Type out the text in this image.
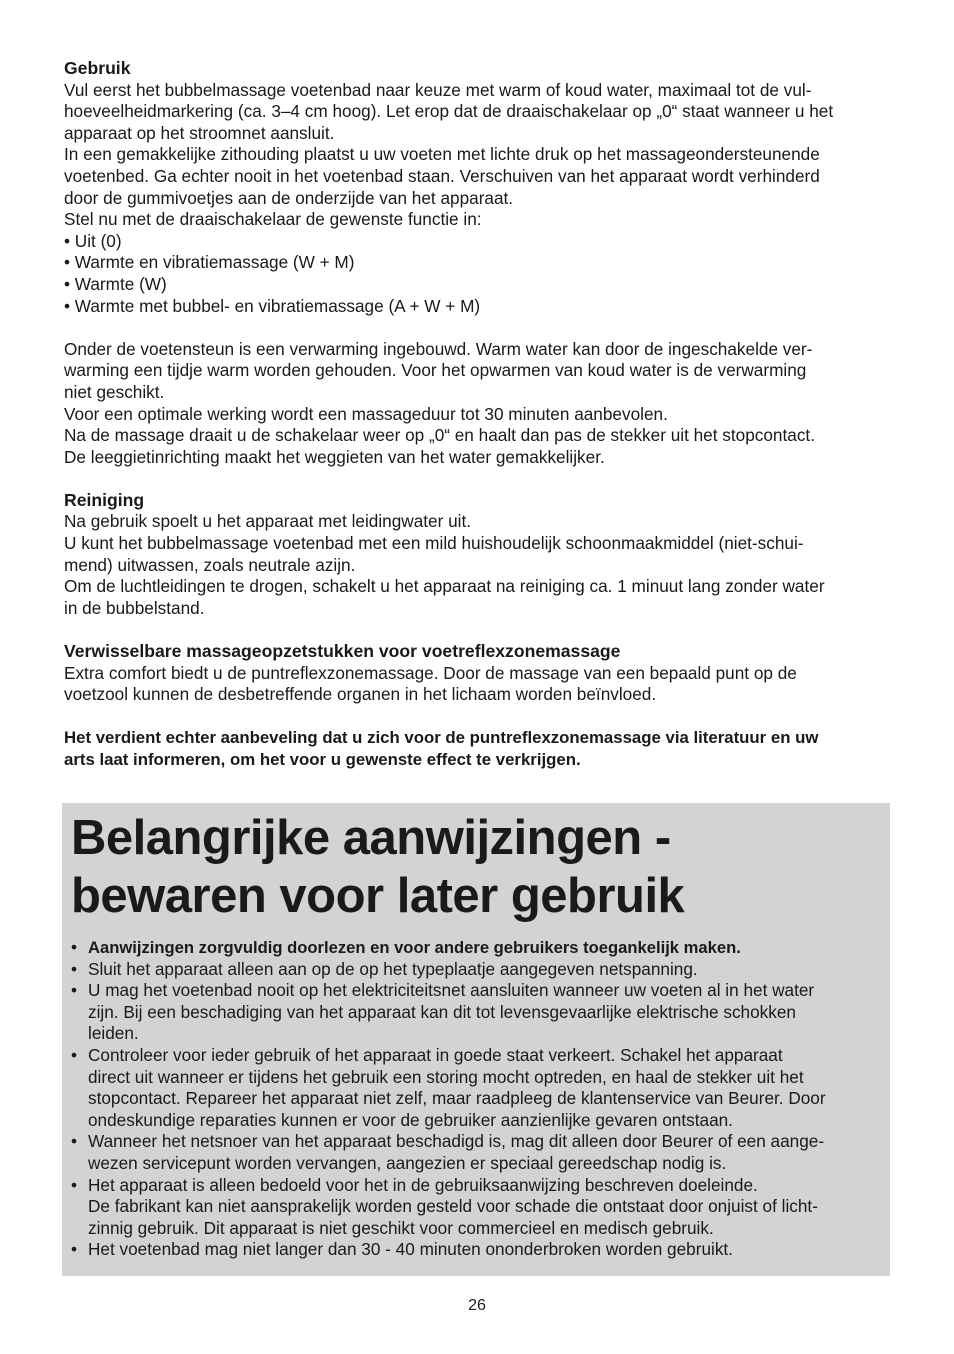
Gebruik

Vul eerst het bubbelmassage voetenbad naar keuze met warm of koud water, maximaal tot de vul-

hoeveelheidmarkering (ca. 3–4 cm hoog). Let erop dat de draaischakelaar op „0“ staat wanneer u het

apparaat op het stroomnet aansluit.

In een gemakkelijke zithouding plaatst u uw voeten met lichte druk op het massageondersteunende

voetenbed. Ga echter nooit in het voetenbad staan. Verschuiven van het apparaat wordt verhinderd

door de gummivoetjes aan de onderzijde van het apparaat.

Stel nu met de draaischakelaar de gewenste functie in:

• Uit (0)

• Warmte en vibratiemassage (W + M)

• Warmte (W)

• Warmte met bubbel- en vibratiemassage (A + W + M)

Onder de voetensteun is een verwarming ingebouwd. Warm water kan door de ingeschakelde ver-

warming een tijdje warm worden gehouden. Voor het opwarmen van koud water is de verwarming

niet geschikt.

Voor een optimale werking wordt een massageduur tot 30 minuten aanbevolen.

Na de massage draait u de schakelaar weer op „0“ en haalt dan pas de stekker uit het stopcontact.

De leeggietinrichting maakt het weggieten van het water gemakkelijker.

Reiniging

Na gebruik spoelt u het apparaat met leidingwater uit.

U kunt het bubbelmassage voetenbad met een mild huishoudelijk schoonmaakmiddel (niet-schui-

mend) uitwassen, zoals neutrale azijn.

Om de luchtleidingen te drogen, schakelt u het apparaat na reiniging ca. 1 minuut lang zonder water

in de bubbelstand.

Verwisselbare massageopzetstukken voor voetreflexzonemassage

Extra comfort biedt u de puntreflexzonemassage. Door de massage van een bepaald punt op de

voetzool kunnen de desbetreffende organen in het lichaam worden beïnvloed.

Het verdient echter aanbeveling dat u zich voor de puntreflexzonemassage via literatuur en uw

arts laat informeren, om het voor u gewenste effect te verkrijgen.

Belangrijke aanwijzingen -
bewaren voor later gebruik

• Aanwijzingen zorgvuldig doorlezen en voor andere gebruikers toegankelijk maken.

• Sluit het apparaat alleen aan op de op het typeplaatje aangegeven netspanning.

• U mag het voetenbad nooit op het elektriciteitsnet aansluiten wanneer uw voeten al in het water

zijn. Bij een beschadiging van het apparaat kan dit tot levensgevaarlijke elektrische schokken

leiden.

• Controleer voor ieder gebruik of het apparaat in goede staat verkeert. Schakel het apparaat

direct uit wanneer er tijdens het gebruik een storing mocht optreden, en haal de stekker uit het

stopcontact. Repareer het apparaat niet zelf, maar raadpleeg de klantenservice van Beurer. Door

ondeskundige reparaties kunnen er voor de gebruiker aanzienlijke gevaren ontstaan.

• Wanneer het netsnoer van het apparaat beschadigd is, mag dit alleen door Beurer of een aange-

wezen servicepunt worden vervangen, aangezien er speciaal gereedschap nodig is.

• Het apparaat is alleen bedoeld voor het in de gebruiksaanwijzing beschreven doeleinde.

De fabrikant kan niet aansprakelijk worden gesteld voor schade die ontstaat door onjuist of licht-

zinnig gebruik. Dit apparaat is niet geschikt voor commercieel en medisch gebruik.

• Het voetenbad mag niet langer dan 30 - 40 minuten ononderbroken worden gebruikt.

26
